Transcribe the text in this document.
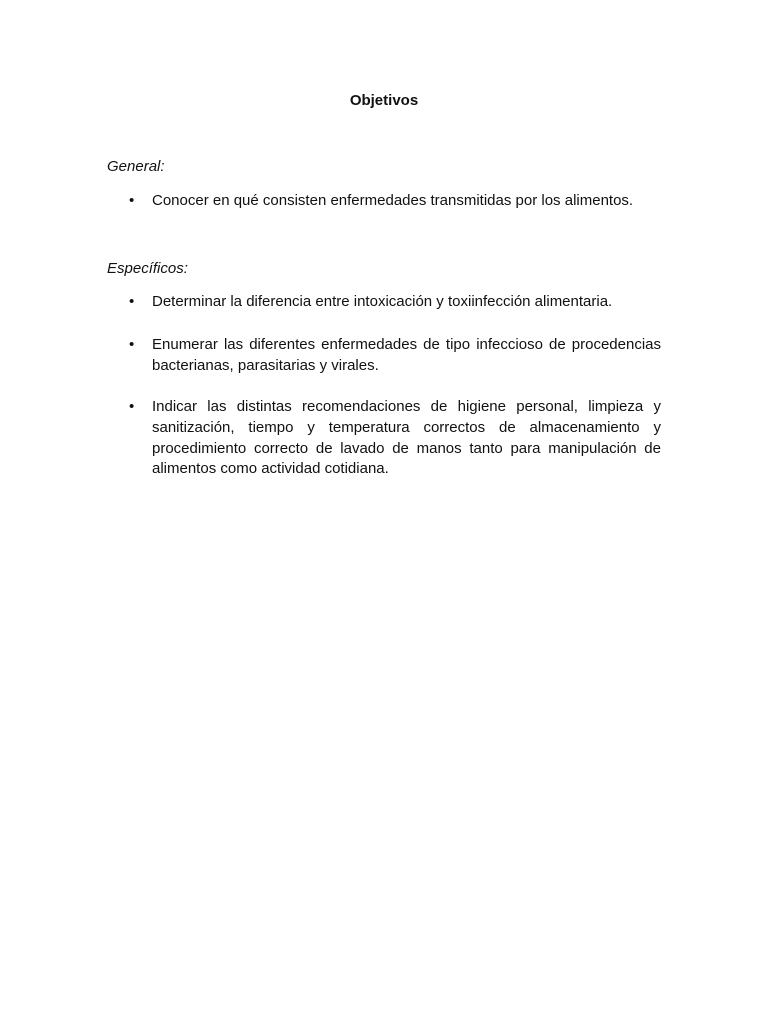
Objetivos
General:
•	Conocer en qué consisten enfermedades transmitidas por los alimentos.
Específicos:
•	Determinar la diferencia entre intoxicación y toxiinfección alimentaria.
•	Enumerar las diferentes enfermedades de tipo infeccioso de procedencias bacterianas, parasitarias y virales.
•	Indicar las distintas recomendaciones de higiene personal, limpieza y sanitización, tiempo y temperatura correctos de almacenamiento y procedimiento correcto de lavado de manos tanto para manipulación de alimentos como actividad cotidiana.
